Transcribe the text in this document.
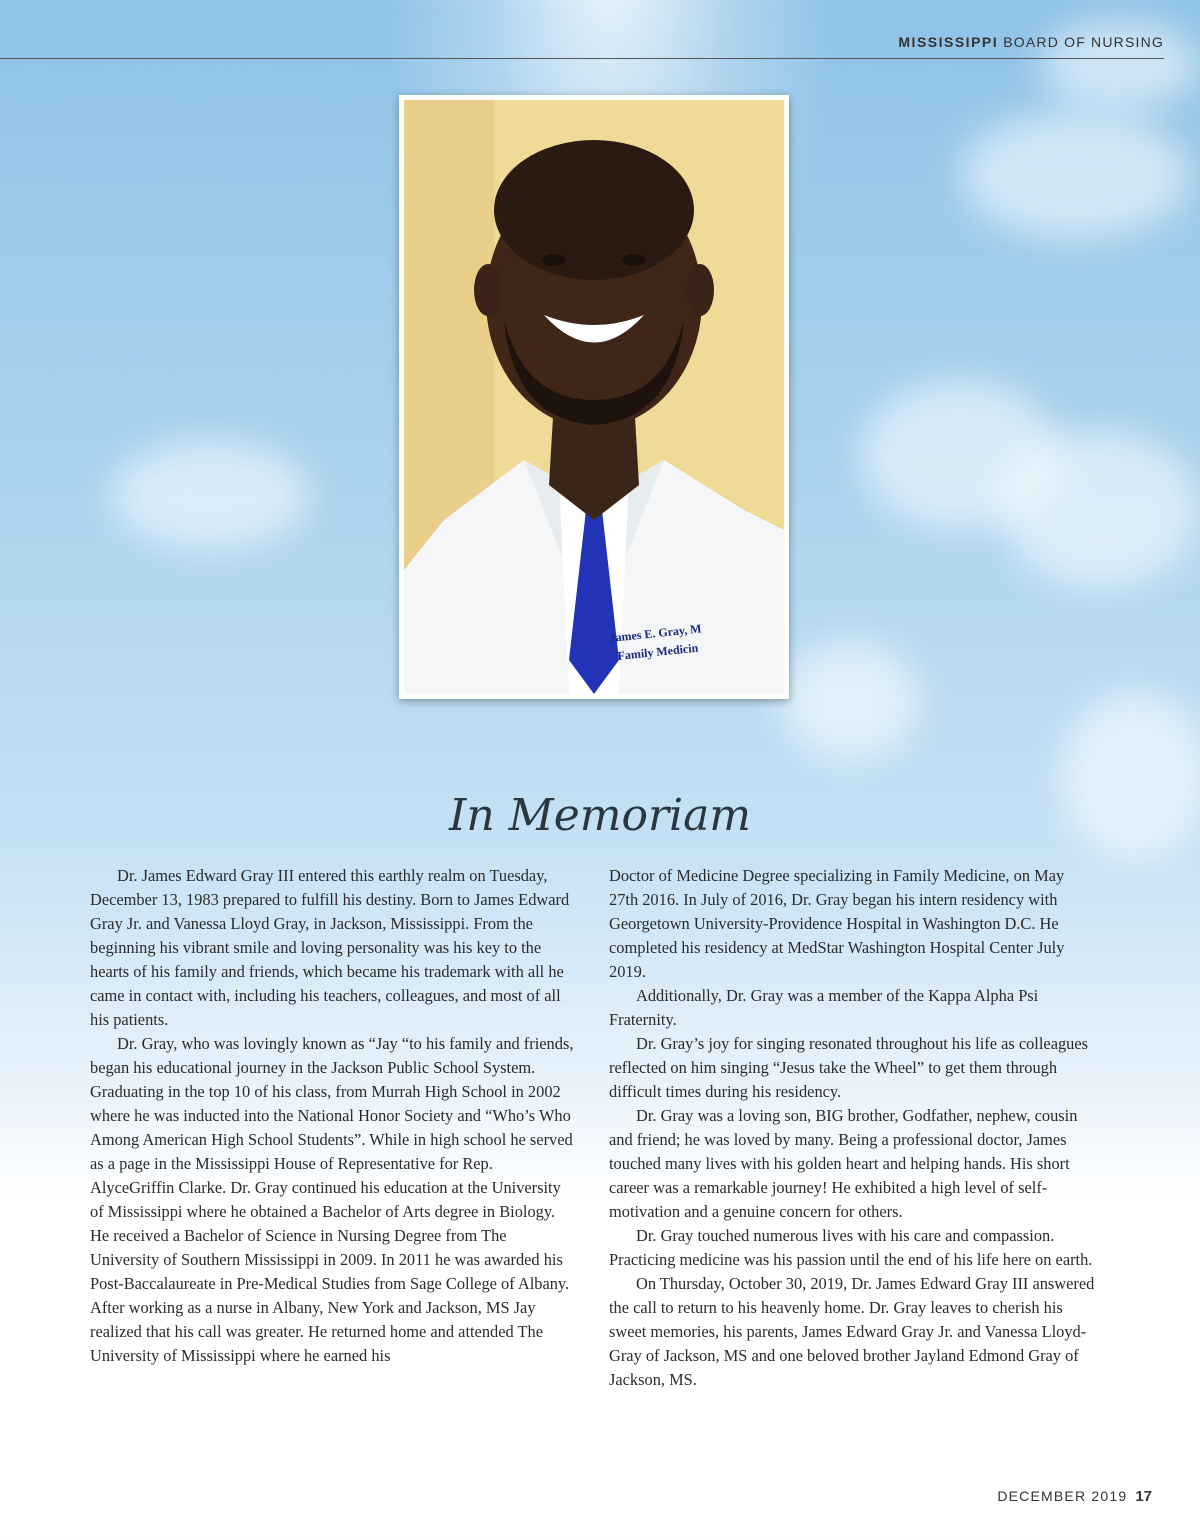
MISSISSIPPI BOARD OF NURSING
James E. Gray, M
Family Medicin
In Memoriam

Dr. James Edward Gray III entered this earthly realm on Tuesday, December 13, 1983 prepared to fulfill his destiny. Born to James Edward Gray Jr. and Vanessa Lloyd Gray, in Jackson, Mississippi. From the beginning his vibrant smile and loving personality was his key to the hearts of his family and friends, which became his trademark with all he came in contact with, including his teachers, colleagues, and most of all his patients.

Dr. Gray, who was lovingly known as “Jay “to his family and friends, began his educational journey in the Jackson Public School System. Graduating in the top 10 of his class, from Murrah High School in 2002 where he was inducted into the National Honor Society and “Who’s Who Among American High School Students”. While in high school he served as a page in the Mississippi House of Representative for Rep. AlyceGriffin Clarke. Dr. Gray continued his education at the University of Mississippi where he obtained a Bachelor of Arts degree in Biology. He received a Bachelor of Science in Nursing Degree from The University of Southern Mississippi in 2009. In 2011 he was awarded his Post-Baccalaureate in Pre-Medical Studies from Sage College of Albany. After working as a nurse in Albany, New York and Jackson, MS Jay realized that his call was greater. He returned home and attended The University of Mississippi where he earned his

Doctor of Medicine Degree specializing in Family Medicine, on May 27th 2016. In July of 2016, Dr. Gray began his intern residency with Georgetown University-Providence Hospital in Washington D.C. He completed his residency at MedStar Washington Hospital Center July 2019.

Additionally, Dr. Gray was a member of the Kappa Alpha Psi Fraternity.

Dr. Gray’s joy for singing resonated throughout his life as colleagues reflected on him singing “Jesus take the Wheel” to get them through difficult times during his residency.

Dr. Gray was a loving son, BIG brother, Godfather, nephew, cousin and friend; he was loved by many. Being a professional doctor, James touched many lives with his golden heart and helping hands. His short career was a remarkable journey! He exhibited a high level of self-motivation and a genuine concern for others.

Dr. Gray touched numerous lives with his care and compassion. Practicing medicine was his passion until the end of his life here on earth.

On Thursday, October 30, 2019, Dr. James Edward Gray III answered the call to return to his heavenly home. Dr. Gray leaves to cherish his sweet memories, his parents, James Edward Gray Jr. and Vanessa Lloyd-Gray of Jackson, MS and one beloved brother Jayland Edmond Gray of Jackson, MS.

DECEMBER 2019 17
